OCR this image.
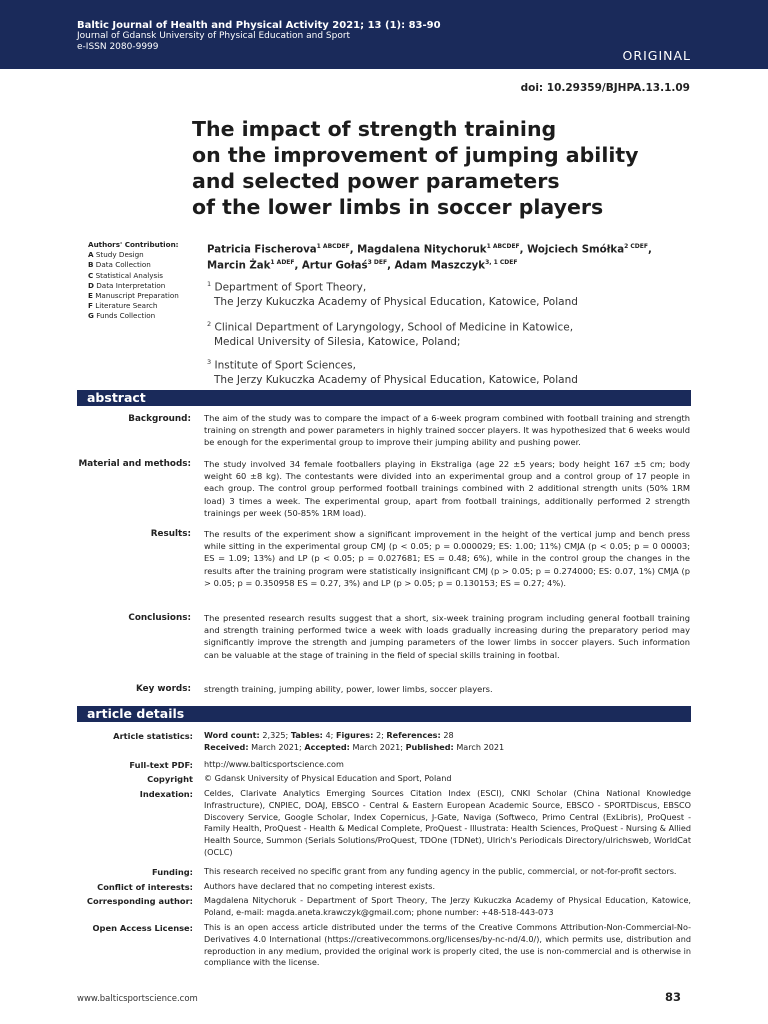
Baltic Journal of Health and Physical Activity 2021; 13 (1): 83-90
Journal of Gdansk University of Physical Education and Sport
e-ISSN 2080-9999
ORIGINAL
doi: 10.29359/BJHPA.13.1.09
The impact of strength training
on the improvement of jumping ability
and selected power parameters
of the lower limbs in soccer players
Authors' Contribution:
A Study Design
B Data Collection
C Statistical Analysis
D Data Interpretation
E Manuscript Preparation
F Literature Search
G Funds Collection
Patricia Fischerova$^{1 ABCDEF}$, Magdalena Nitychoruk$^{1 ABCDEF}$, Wojciech Smółka$^{2 CDEF}$,
Marcin Żak$^{1 ADEF}$, Artur Gołaś$^{3 DEF}$, Adam Maszczyk$^{3, 1 CDEF}$
$^1$ Department of Sport Theory,
The Jerzy Kukuczka Academy of Physical Education, Katowice, Poland
$^2$ Clinical Department of Laryngology, School of Medicine in Katowice,
Medical University of Silesia, Katowice, Poland;
$^3$ Institute of Sport Sciences,
The Jerzy Kukuczka Academy of Physical Education, Katowice, Poland
abstract
Background: The aim of the study was to compare the impact of a 6-week program combined with football training and strength training on strength and power parameters in highly trained soccer players. It was hypothesized that 6 weeks would be enough for the experimental group to improve their jumping ability and pushing power.
Material and methods: The study involved 34 female footballers playing in Ekstraliga (age 22 ±5 years; body height 167 ±5 cm; body weight 60 ±8 kg). The contestants were divided into an experimental group and a control group of 17 people in each group. The control group performed football trainings combined with 2 additional strength units (50% 1RM load) 3 times a week. The experimental group, apart from football trainings, additionally performed 2 strength trainings per week (50-85% 1RM load).
Results: The results of the experiment show a significant improvement in the height of the vertical jump and bench press while sitting in the experimental group CMJ (p < 0.05; p = 0.000029; ES: 1.00; 11%) CMJA (p < 0.05; p = 0 00003; ES = 1.09; 13%) and LP (p < 0.05; p = 0.027681; ES = 0.48; 6%), while in the control group the changes in the results after the training program were statistically insignificant CMJ (p > 0.05; p = 0.274000; ES: 0.07, 1%) CMJA (p > 0.05; p = 0.350958 ES = 0.27, 3%) and LP (p > 0.05; p = 0.130153; ES = 0.27; 4%).
Conclusions: The presented research results suggest that a short, six-week training program including general football training and strength training performed twice a week with loads gradually increasing during the preparatory period may significantly improve the strength and jumping parameters of the lower limbs in soccer players. Such information can be valuable at the stage of training in the field of special skills training in footbal.
Key words: strength training, jumping ability, power, lower limbs, soccer players.
article details
Article statistics: Word count: 2,325; Tables: 4; Figures: 2; References: 28
Received: March 2021; Accepted: March 2021; Published: March 2021
Full-text PDF: http://www.balticsportscience.com
Copyright © Gdansk University of Physical Education and Sport, Poland
Indexation: Celdes, Clarivate Analytics Emerging Sources Citation Index (ESCI), CNKI Scholar (China National Knowledge Infrastructure), CNPIEC, DOAJ, EBSCO - Central & Eastern European Academic Source, EBSCO - SPORTDiscus, EBSCO Discovery Service, Google Scholar, Index Copernicus, J-Gate, Naviga (Softweco, Primo Central (ExLibris), ProQuest - Family Health, ProQuest - Health & Medical Complete, ProQuest - Illustrata: Health Sciences, ProQuest - Nursing & Allied Health Source, Summon (Serials Solutions/ProQuest, TDOne (TDNet), Ulrich's Periodicals Directory/ulrichsweb, WorldCat (OCLC)
Funding: This research received no specific grant from any funding agency in the public, commercial, or not-for-profit sectors.
Conflict of interests: Authors have declared that no competing interest exists.
Corresponding author: Magdalena Nitychoruk - Department of Sport Theory, The Jerzy Kukuczka Academy of Physical Education, Katowice, Poland, e-mail: magda.aneta.krawczyk@gmail.com; phone number: +48-518-443-073
Open Access License: This is an open access article distributed under the terms of the Creative Commons Attribution-Non-Commercial-No-Derivatives 4.0 International (https://creativecommons.org/licenses/by-nc-nd/4.0/), which permits use, distribution and reproduction in any medium, provided the original work is properly cited, the use is non-commercial and is otherwise in compliance with the license.
www.balticsportscience.com	83
